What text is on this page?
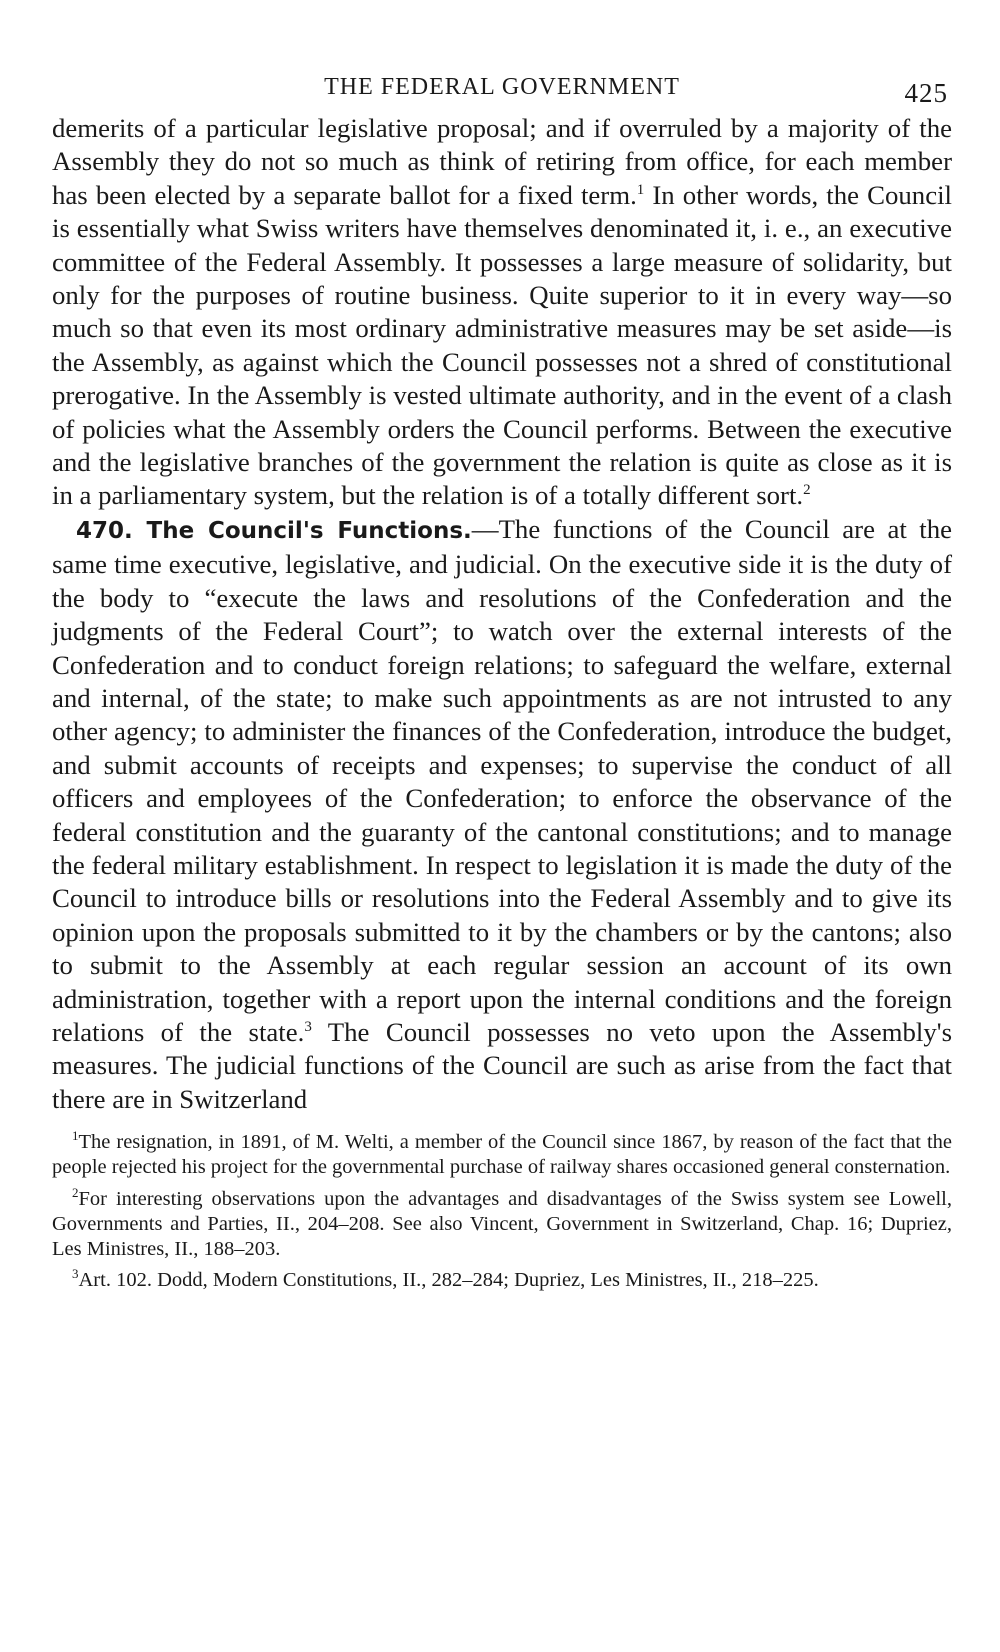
THE FEDERAL GOVERNMENT	425

demerits of a particular legislative proposal; and if overruled by a majority of the Assembly they do not so much as think of retiring from office, for each member has been elected by a separate ballot for a fixed term.$^1$ In other words, the Council is essentially what Swiss writers have themselves denominated it, i. e., an executive committee of the Federal Assembly. It possesses a large measure of solidarity, but only for the purposes of routine business. Quite superior to it in every way—so much so that even its most ordinary administrative measures may be set aside—is the Assembly, as against which the Council possesses not a shred of constitutional prerogative. In the Assembly is vested ultimate authority, and in the event of a clash of policies what the Assembly orders the Council performs. Between the executive and the legislative branches of the government the relation is quite as close as it is in a parliamentary system, but the relation is of a totally different sort.$^2$

470. The Council's Functions.—The functions of the Council are at the same time executive, legislative, and judicial. On the executive side it is the duty of the body to “execute the laws and resolutions of the Confederation and the judgments of the Federal Court”; to watch over the external interests of the Confederation and to conduct foreign relations; to safeguard the welfare, external and internal, of the state; to make such appointments as are not intrusted to any other agency; to administer the finances of the Confederation, introduce the budget, and submit accounts of receipts and expenses; to supervise the conduct of all officers and employees of the Confederation; to enforce the observance of the federal constitution and the guaranty of the cantonal constitutions; and to manage the federal military establishment. In respect to legislation it is made the duty of the Council to introduce bills or resolutions into the Federal Assembly and to give its opinion upon the proposals submitted to it by the chambers or by the cantons; also to submit to the Assembly at each regular session an account of its own administration, together with a report upon the internal conditions and the foreign relations of the state.$^3$ The Council possesses no veto upon the Assembly's measures. The judicial functions of the Council are such as arise from the fact that there are in Switzerland

$^1$The resignation, in 1891, of M. Welti, a member of the Council since 1867, by reason of the fact that the people rejected his project for the governmental purchase of railway shares occasioned general consternation.

$^2$For interesting observations upon the advantages and disadvantages of the Swiss system see Lowell, Governments and Parties, II., 204–208. See also Vincent, Government in Switzerland, Chap. 16; Dupriez, Les Ministres, II., 188–203.

$^3$Art. 102. Dodd, Modern Constitutions, II., 282–284; Dupriez, Les Ministres, II., 218–225.
